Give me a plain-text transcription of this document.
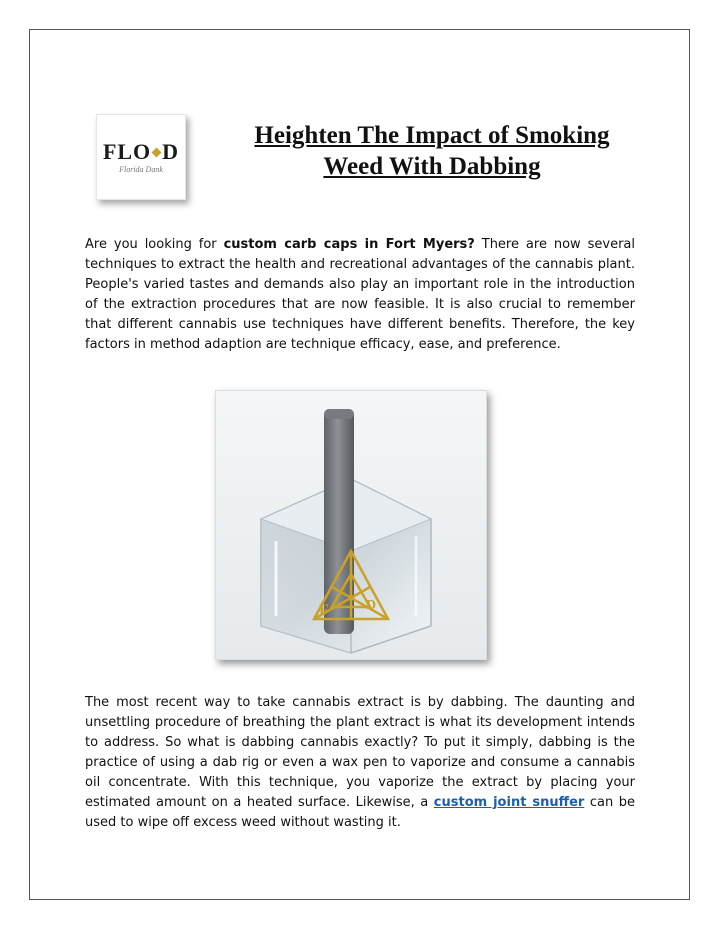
FLO D
Florida Dank
Heighten The Impact of Smoking Weed With Dabbing

Are you looking for custom carb caps in Fort Myers? There are now several techniques to extract the health and recreational advantages of the cannabis plant. People's varied tastes and demands also play an important role in the introduction of the extraction procedures that are now feasible. It is also crucial to remember that different cannabis use techniques have different benefits. Therefore, the key factors in method adaption are technique efficacy, ease, and preference.

F	D

The most recent way to take cannabis extract is by dabbing. The daunting and unsettling procedure of breathing the plant extract is what its development intends to address. So what is dabbing cannabis exactly? To put it simply, dabbing is the practice of using a dab rig or even a wax pen to vaporize and consume a cannabis oil concentrate. With this technique, you vaporize the extract by placing your estimated amount on a heated surface. Likewise, a custom joint snuffer can be used to wipe off excess weed without wasting it.
